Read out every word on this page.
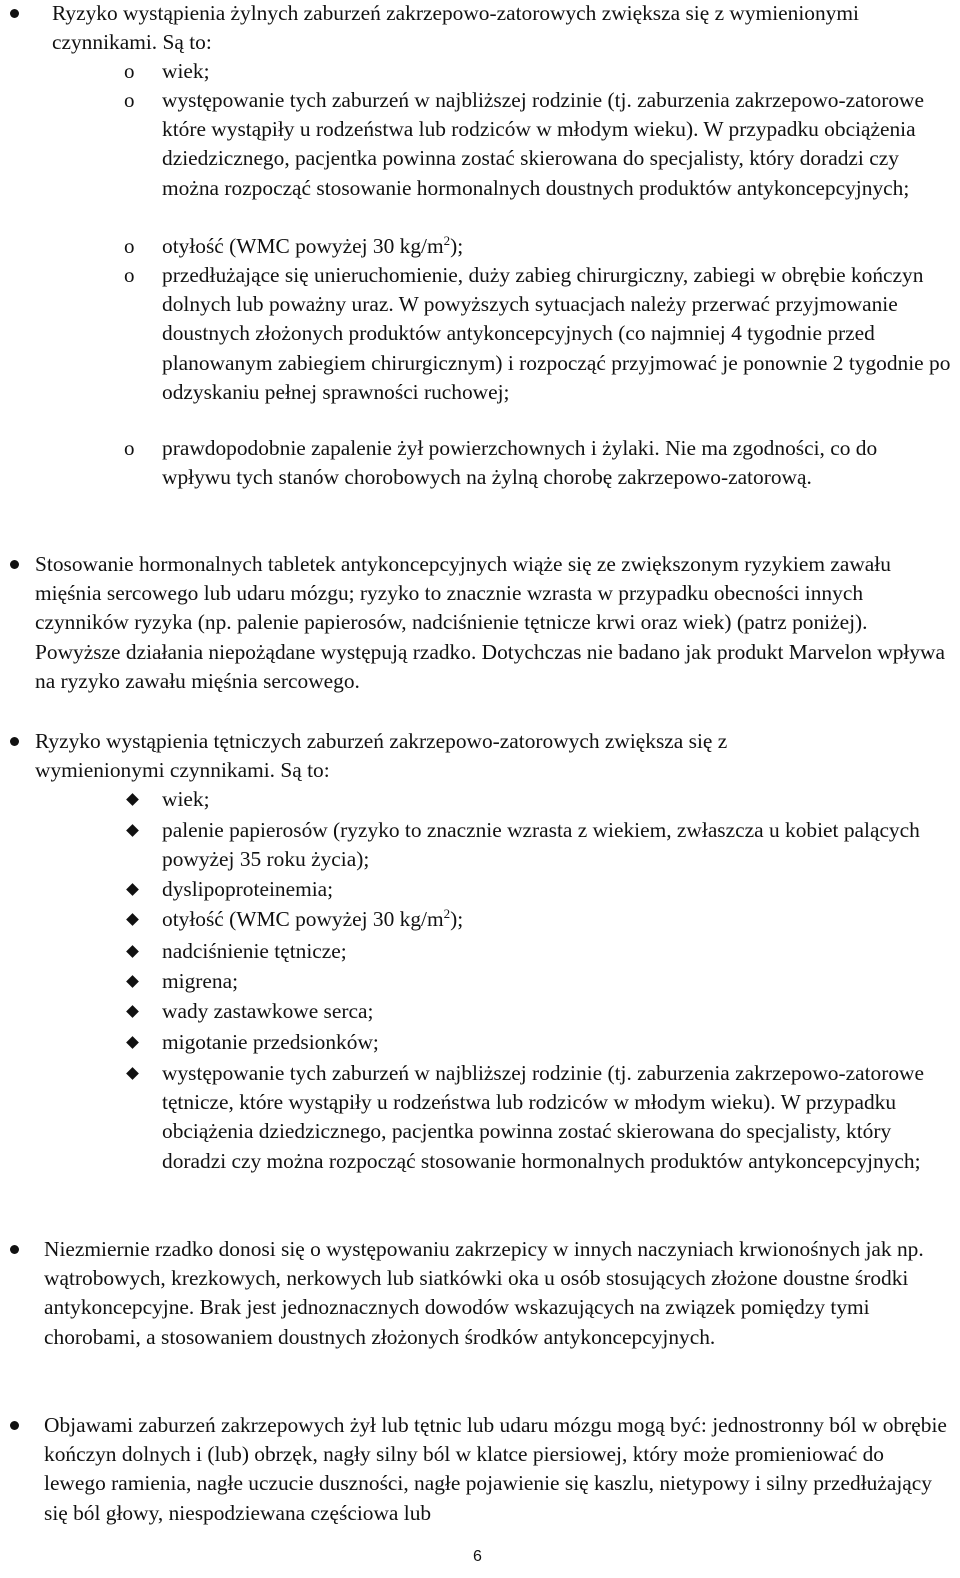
Ryzyko wystąpienia żylnych zaburzeń zakrzepowo-zatorowych zwiększa się z wymienionymi czynnikami. Są to:

o wiek;

o występowanie tych zaburzeń w najbliższej rodzinie (tj. zaburzenia zakrzepowo-zatorowe które wystąpiły u rodzeństwa lub rodziców w młodym wieku). W przypadku obciążenia dziedzicznego, pacjentka powinna zostać skierowana do specjalisty, który doradzi czy można rozpocząć stosowanie hormonalnych doustnych produktów antykoncepcyjnych;

o otyłość (WMC powyżej 30 $kg/m^2$);

o przedłużające się unieruchomienie, duży zabieg chirurgiczny, zabiegi w obrębie kończyn dolnych lub poważny uraz. W powyższych sytuacjach należy przerwać przyjmowanie doustnych złożonych produktów antykoncepcyjnych (co najmniej 4 tygodnie przed planowanym zabiegiem chirurgicznym) i rozpocząć przyjmować je ponownie 2 tygodnie po odzyskaniu pełnej sprawności ruchowej;

o prawdopodobnie zapalenie żył powierzchownych i żylaki. Nie ma zgodności, co do wpływu tych stanów chorobowych na żylną chorobę zakrzepowo-zatorową.

Stosowanie hormonalnych tabletek antykoncepcyjnych wiąże się ze zwiększonym ryzykiem zawału mięśnia sercowego lub udaru mózgu; ryzyko to znacznie wzrasta w przypadku obecności innych czynników ryzyka (np. palenie papierosów, nadciśnienie tętnicze krwi oraz wiek) (patrz poniżej). Powyższe działania niepożądane występują rzadko. Dotychczas nie badano jak produkt Marvelon wpływa na ryzyko zawału mięśnia sercowego.

Ryzyko wystąpienia tętniczych zaburzeń zakrzepowo-zatorowych zwiększa się z wymienionymi czynnikami. Są to:

wiek;

palenie papierosów (ryzyko to znacznie wzrasta z wiekiem, zwłaszcza u kobiet palących powyżej 35 roku życia);

dyslipoproteinemia;

otyłość (WMC powyżej 30 $kg/m^2$);

nadciśnienie tętnicze;

migrena;

wady zastawkowe serca;

migotanie przedsionków;

występowanie tych zaburzeń w najbliższej rodzinie (tj. zaburzenia zakrzepowo-zatorowe tętnicze, które wystąpiły u rodzeństwa lub rodziców w młodym wieku). W przypadku obciążenia dziedzicznego, pacjentka powinna zostać skierowana do specjalisty, który doradzi czy można rozpocząć stosowanie hormonalnych produktów antykoncepcyjnych;

Niezmiernie rzadko donosi się o występowaniu zakrzepicy w innych naczyniach krwionośnych jak np. wątrobowych, krezkowych, nerkowych lub siatkówki oka u osób stosujących złożone doustne środki antykoncepcyjne. Brak jest jednoznacznych dowodów wskazujących na związek pomiędzy tymi chorobami, a stosowaniem doustnych złożonych środków antykoncepcyjnych.

Objawami zaburzeń zakrzepowych żył lub tętnic lub udaru mózgu mogą być: jednostronny ból w obrębie kończyn dolnych i (lub) obrzęk, nagły silny ból w klatce piersiowej, który może promieniować do lewego ramienia, nagłe uczucie duszności, nagłe pojawienie się kaszlu, nietypowy i silny przedłużający się ból głowy, niespodziewana częściowa lub

6
